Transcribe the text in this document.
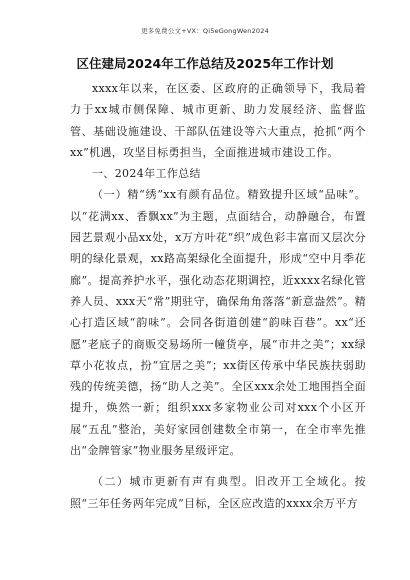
更多免费公文+VX：Qi5eGongWen2024
区住建局2024年工作总结及2025年工作计划

xxxx年以来，在区委、区政府的正确领导下，我局着力于xx城市侧保障、城市更新、助力发展经济、监督监管、基础设施建设、干部队伍建设等六大重点，抢抓“两个xx”机遇，攻坚目标勇担当，全面推进城市建设工作。

一、2024年工作总结

（一）精“绣”xx有颜有品位。精致提升区域“品味”。以“花满xx、香飘xx”为主题，点面结合，动静融合，布置园艺景观小品xx处，x万方叶花“织”成色彩丰富而又层次分明的绿化景观，xx路高架绿化全面提升，形成“空中月季花廊”。提高养护水平，强化动态花期调控，近xxxx名绿化管养人员、xxx天“常”期驻守，确保角角落落“新意盎然”。精心打造区域“韵味”。会同各街道创建“韵味百巷”。xx“还愿”老底子的商贩交易场所一幢货亭，展“市井之美”；xx绿草小花妆点，扮“宜居之美”；xx街区传承中华民族扶弱助残的传统美德，扬“助人之美”。全区xxx余处工地围挡全面提升，焕然一新；组织xxx多家物业公司对xxx个小区开展“五乱”整治，美好家园创建数全市第一，在全市率先推出“金牌管家”物业服务星级评定。

（二）城市更新有声有典型。旧改开工全域化。按照“三年任务两年完成”目标，全区应改造的xxxx余万平方
